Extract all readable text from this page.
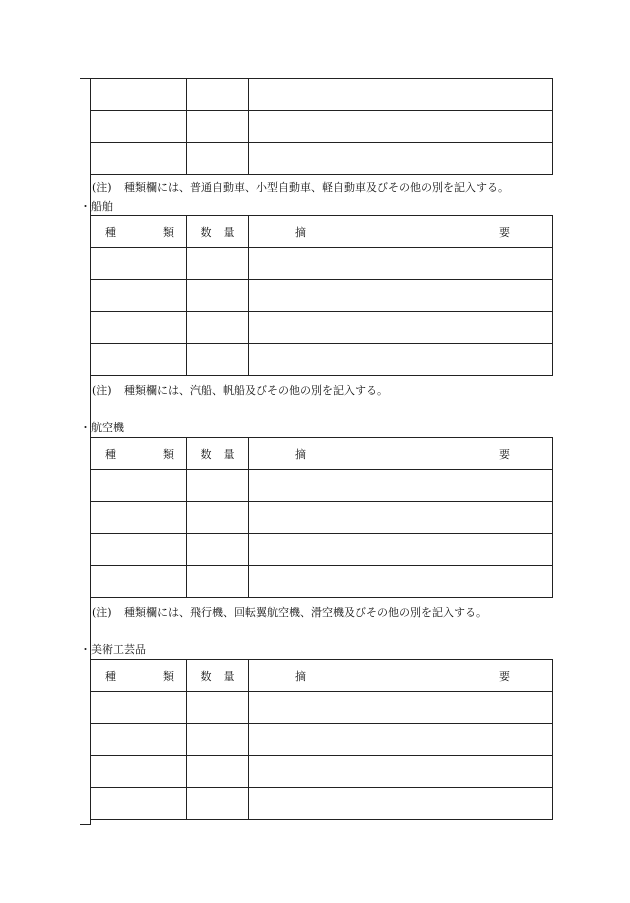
(注) 種類欄には、普通自動車、小型自動車、軽自動車及びその他の別を記入する。
・船舶
種 類	数 量	摘 要

(注) 種類欄には、汽船、帆船及びその他の別を記入する。
・航空機
種 類	数 量	摘 要

(注) 種類欄には、飛行機、回転翼航空機、滑空機及びその他の別を記入する。
・美術工芸品
種 類	数 量	摘 要
